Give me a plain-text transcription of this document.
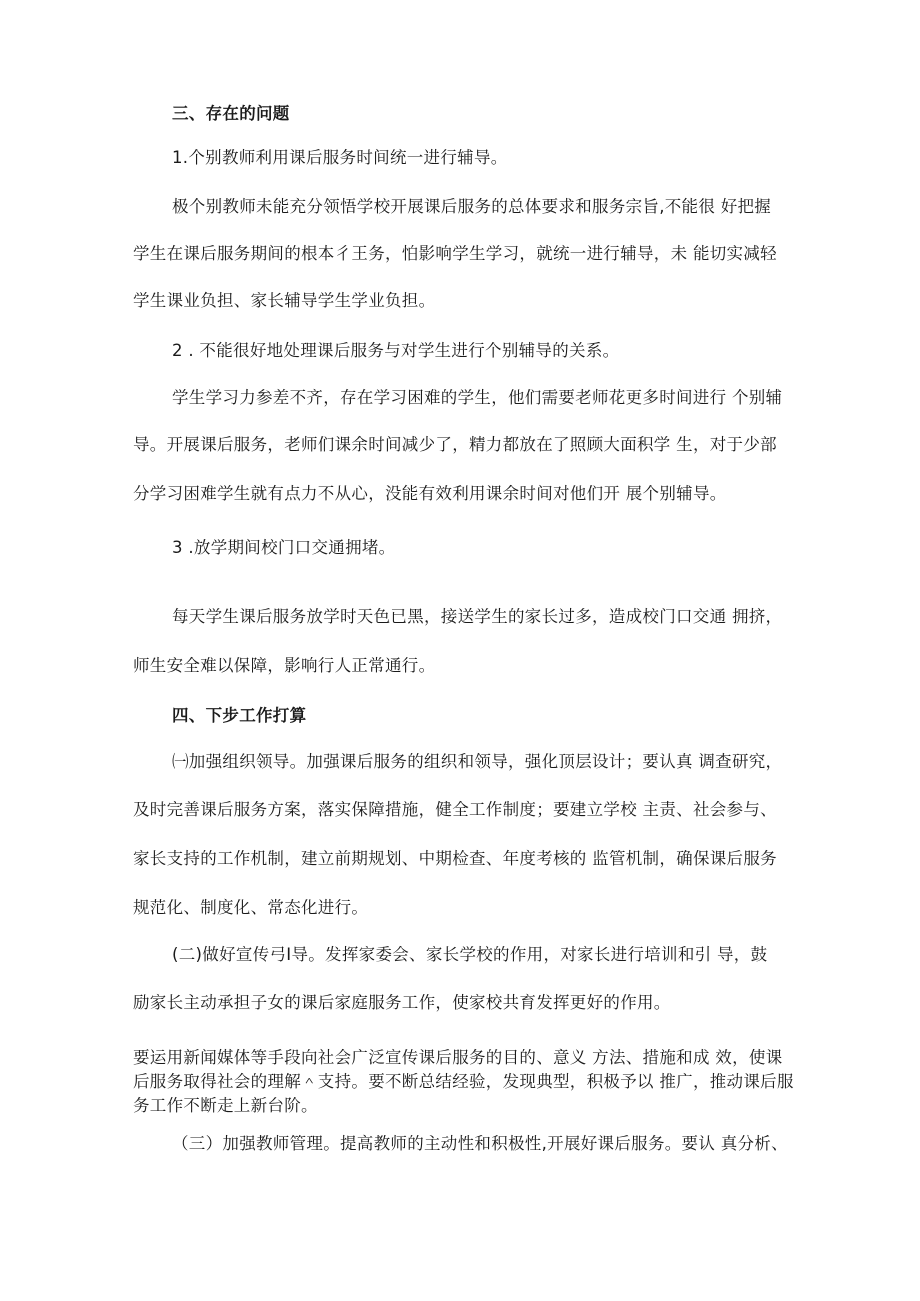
三、存在的问题
1.个别教师利用课后服务时间统一进行辅导。
极个别教师未能充分领悟学校开展课后服务的总体要求和服务宗旨,不能很 好把握
学生在课后服务期间的根本彳王务，怕影响学生学习，就统一进行辅导，未 能切实减轻
学生课业负担、家长辅导学生学业负担。
2 . 不能很好地处理课后服务与对学生进行个别辅导的关系。
学生学习力参差不齐，存在学习困难的学生，他们需要老师花更多时间进行 个别辅
导。开展课后服务，老师们课余时间减少了，精力都放在了照顾大面积学 生，对于少部
分学习困难学生就有点力不从心，没能有效利用课余时间对他们开 展个别辅导。
3 .放学期间校门口交通拥堵。
每天学生课后服务放学时天色已黑，接送学生的家长过多，造成校门口交通 拥挤，
师生安全难以保障，影响行人正常通行。
四、下步工作打算
㈠加强组织领导。加强课后服务的组织和领导，强化顶层设计；要认真 调查研究，
及时完善课后服务方案，落实保障措施，健全工作制度；要建立学校 主责、社会参与、
家长支持的工作机制，建立前期规划、中期检查、年度考核的 监管机制，确保课后服务
规范化、制度化、常态化进行。
(二)做好宣传弓I导。发挥家委会、家长学校的作用，对家长进行培训和引 导，鼓
励家长主动承担子女的课后家庭服务工作，使家校共育发挥更好的作用。
要运用新闻媒体等手段向社会广泛宣传课后服务的目的、意义 方法、措施和成 效，使课
后服务取得社会的理解＾支持。要不断总结经验，发现典型，积极予以 推广，推动课后服
务工作不断走上新台阶。
（三）加强教师管理。提高教师的主动性和积极性,开展好课后服务。要认 真分析、
